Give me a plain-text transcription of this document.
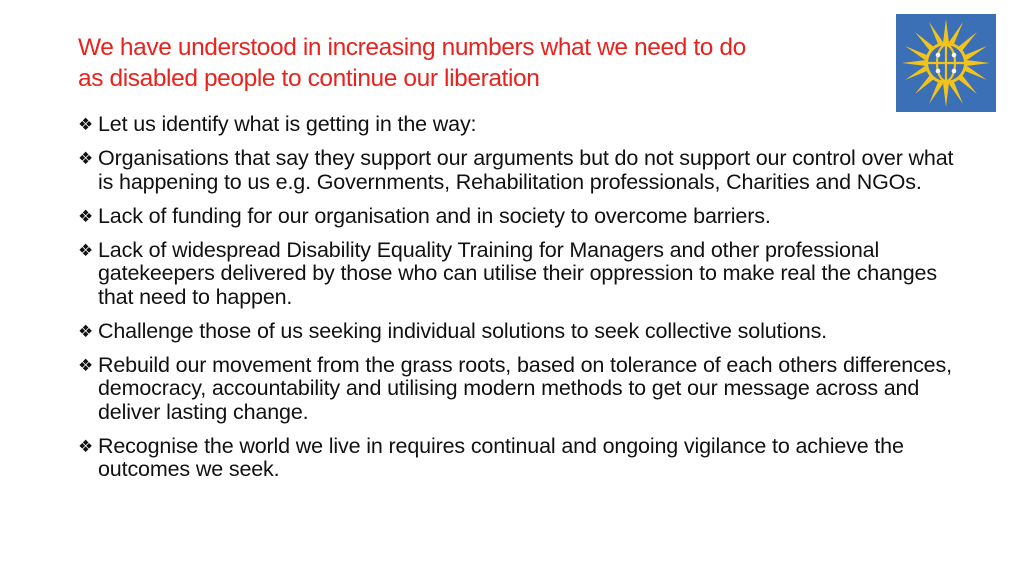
We have understood in increasing numbers what we need to do
as disabled people to continue our liberation
❖ Let us identify what is getting in the way:
❖ Organisations that say they support our arguments but do not support our control over what is happening to us e.g. Governments, Rehabilitation professionals, Charities and NGOs.
❖ Lack of funding for our organisation and in society to overcome barriers.
❖ Lack of widespread Disability Equality Training for Managers and other professional gatekeepers delivered by those who can utilise their oppression to make real the changes that need to happen.
❖ Challenge those of us seeking individual solutions to seek collective solutions.
❖ Rebuild our movement from the grass roots, based on tolerance of each others differences, democracy, accountability and utilising modern methods to get our message across and deliver lasting change.
❖ Recognise the world we live in requires continual and ongoing vigilance to achieve the outcomes we seek.
